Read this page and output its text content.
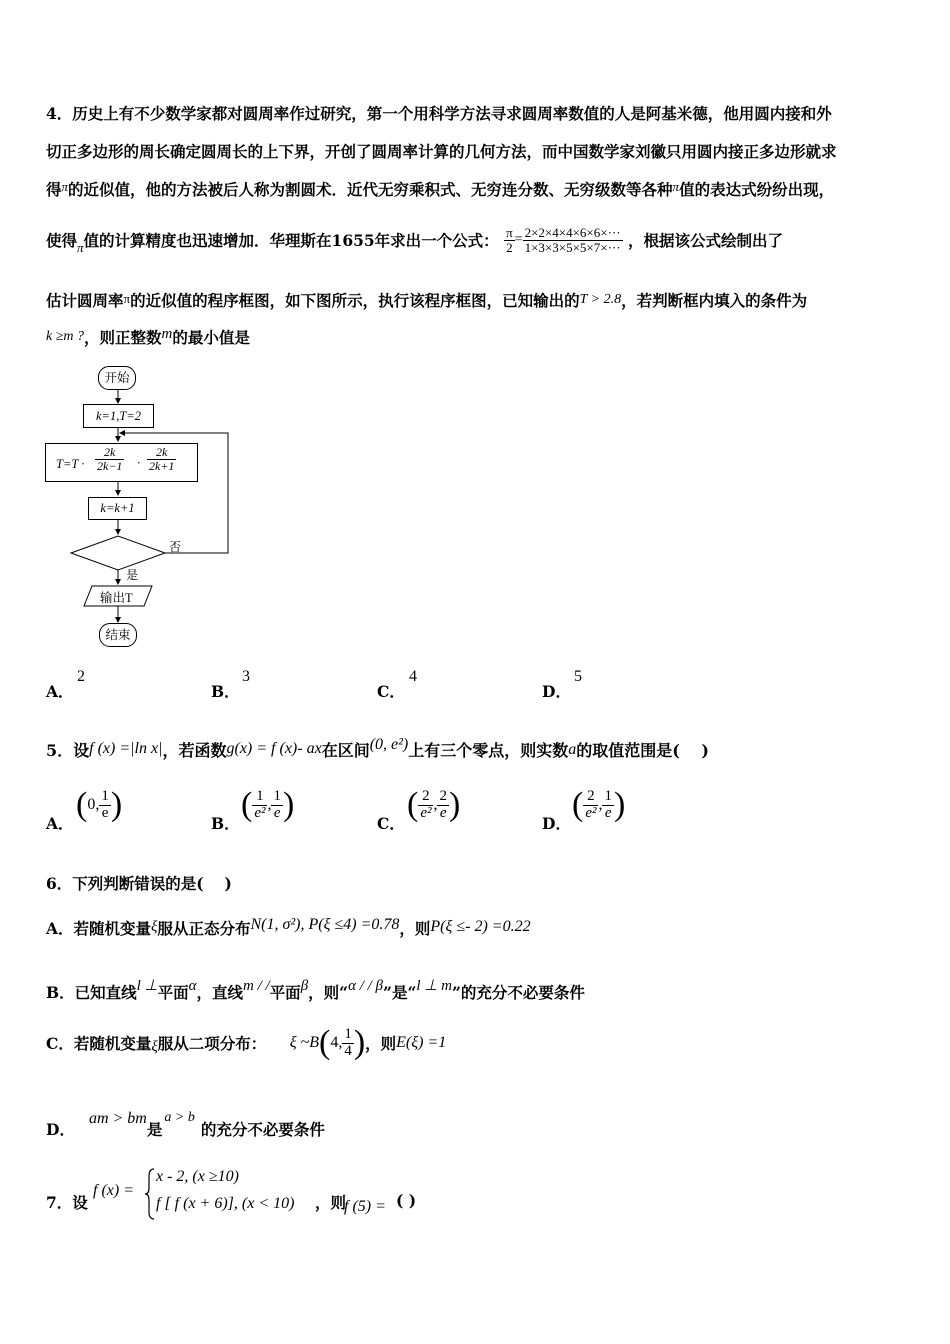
4．历史上有不少数学家都对圆周率作过研究，第一个用科学方法寻求圆周率数值的人是阿基米德，他用圆内接和外
切正多边形的周长确定圆周长的上下界，开创了圆周率计算的几何方法，而中国数学家刘徽只用圆内接正多边形就求
得$^\pi$的近似值，他的方法被后人称为割圆术．近代无穷乘积式、无穷连分数、无穷级数等各种$^\pi$值的表达式纷纷出现，
使得$_\pi$值的计算精度也迅速增加．华理斯在1655年求出一个公式： $\frac{\pi}{2} = \frac{2\times 2\times 4\times 4\times 6\times 6\times\cdot\cdot\cdot}{1\times 3\times 3\times 5\times 5\times 7\times\cdot\cdot\cdot}$ ，根据该公式绘制出了
估计圆周率π的近似值的程序框图，如下图所示，执行该程序框图，已知输出的T > 2.8，若判断框内填入的条件为
k ≥m ?，则正整数m的最小值是
开始
k=1,T=2
$T=T \cdot \frac{2k}{2k-1} \cdot \frac{2k}{2k+1}$
k=k+1
否
是
输出T
结束
A．
2
B．
3
C．
4
D．
5
5．设f (x) =|ln x|，若函数g(x) = f (x)- ax在区间(0, e²)上有三个零点，则实数a的取值范围是(　 )
A．
(0, $\frac{1}{e}$ )
B．
( $\frac{1}{\text{e²}}$ , $\frac{1}{e}$ )
C．
( $\frac{2}{\text{e²}}$ , $\frac{2}{e}$ )
D．
( $\frac{2}{\text{e²}}$ , $\frac{1}{e}$ )
6．下列判断错误的是(　 )
A．若随机变量ξ服从正态分布N(1, σ²), P(ξ ≤4) =0.78，则P(ξ ≤- 2) =0.22
B．已知直线l ⊥平面α，直线m / /平面β，则“α / / β”是“l ⊥ m”的充分不必要条件
C．若随机变量ξ服从二项分布： ξ ~B(4, $\frac{1}{4}$ )，则E(ξ) =1
D．am > bm是a > b的充分不必要条件
7．设
f (x) =
x - 2, (x ≥10)
f [ f (x + 6)], (x < 10) ，则
f (5) = ( )
